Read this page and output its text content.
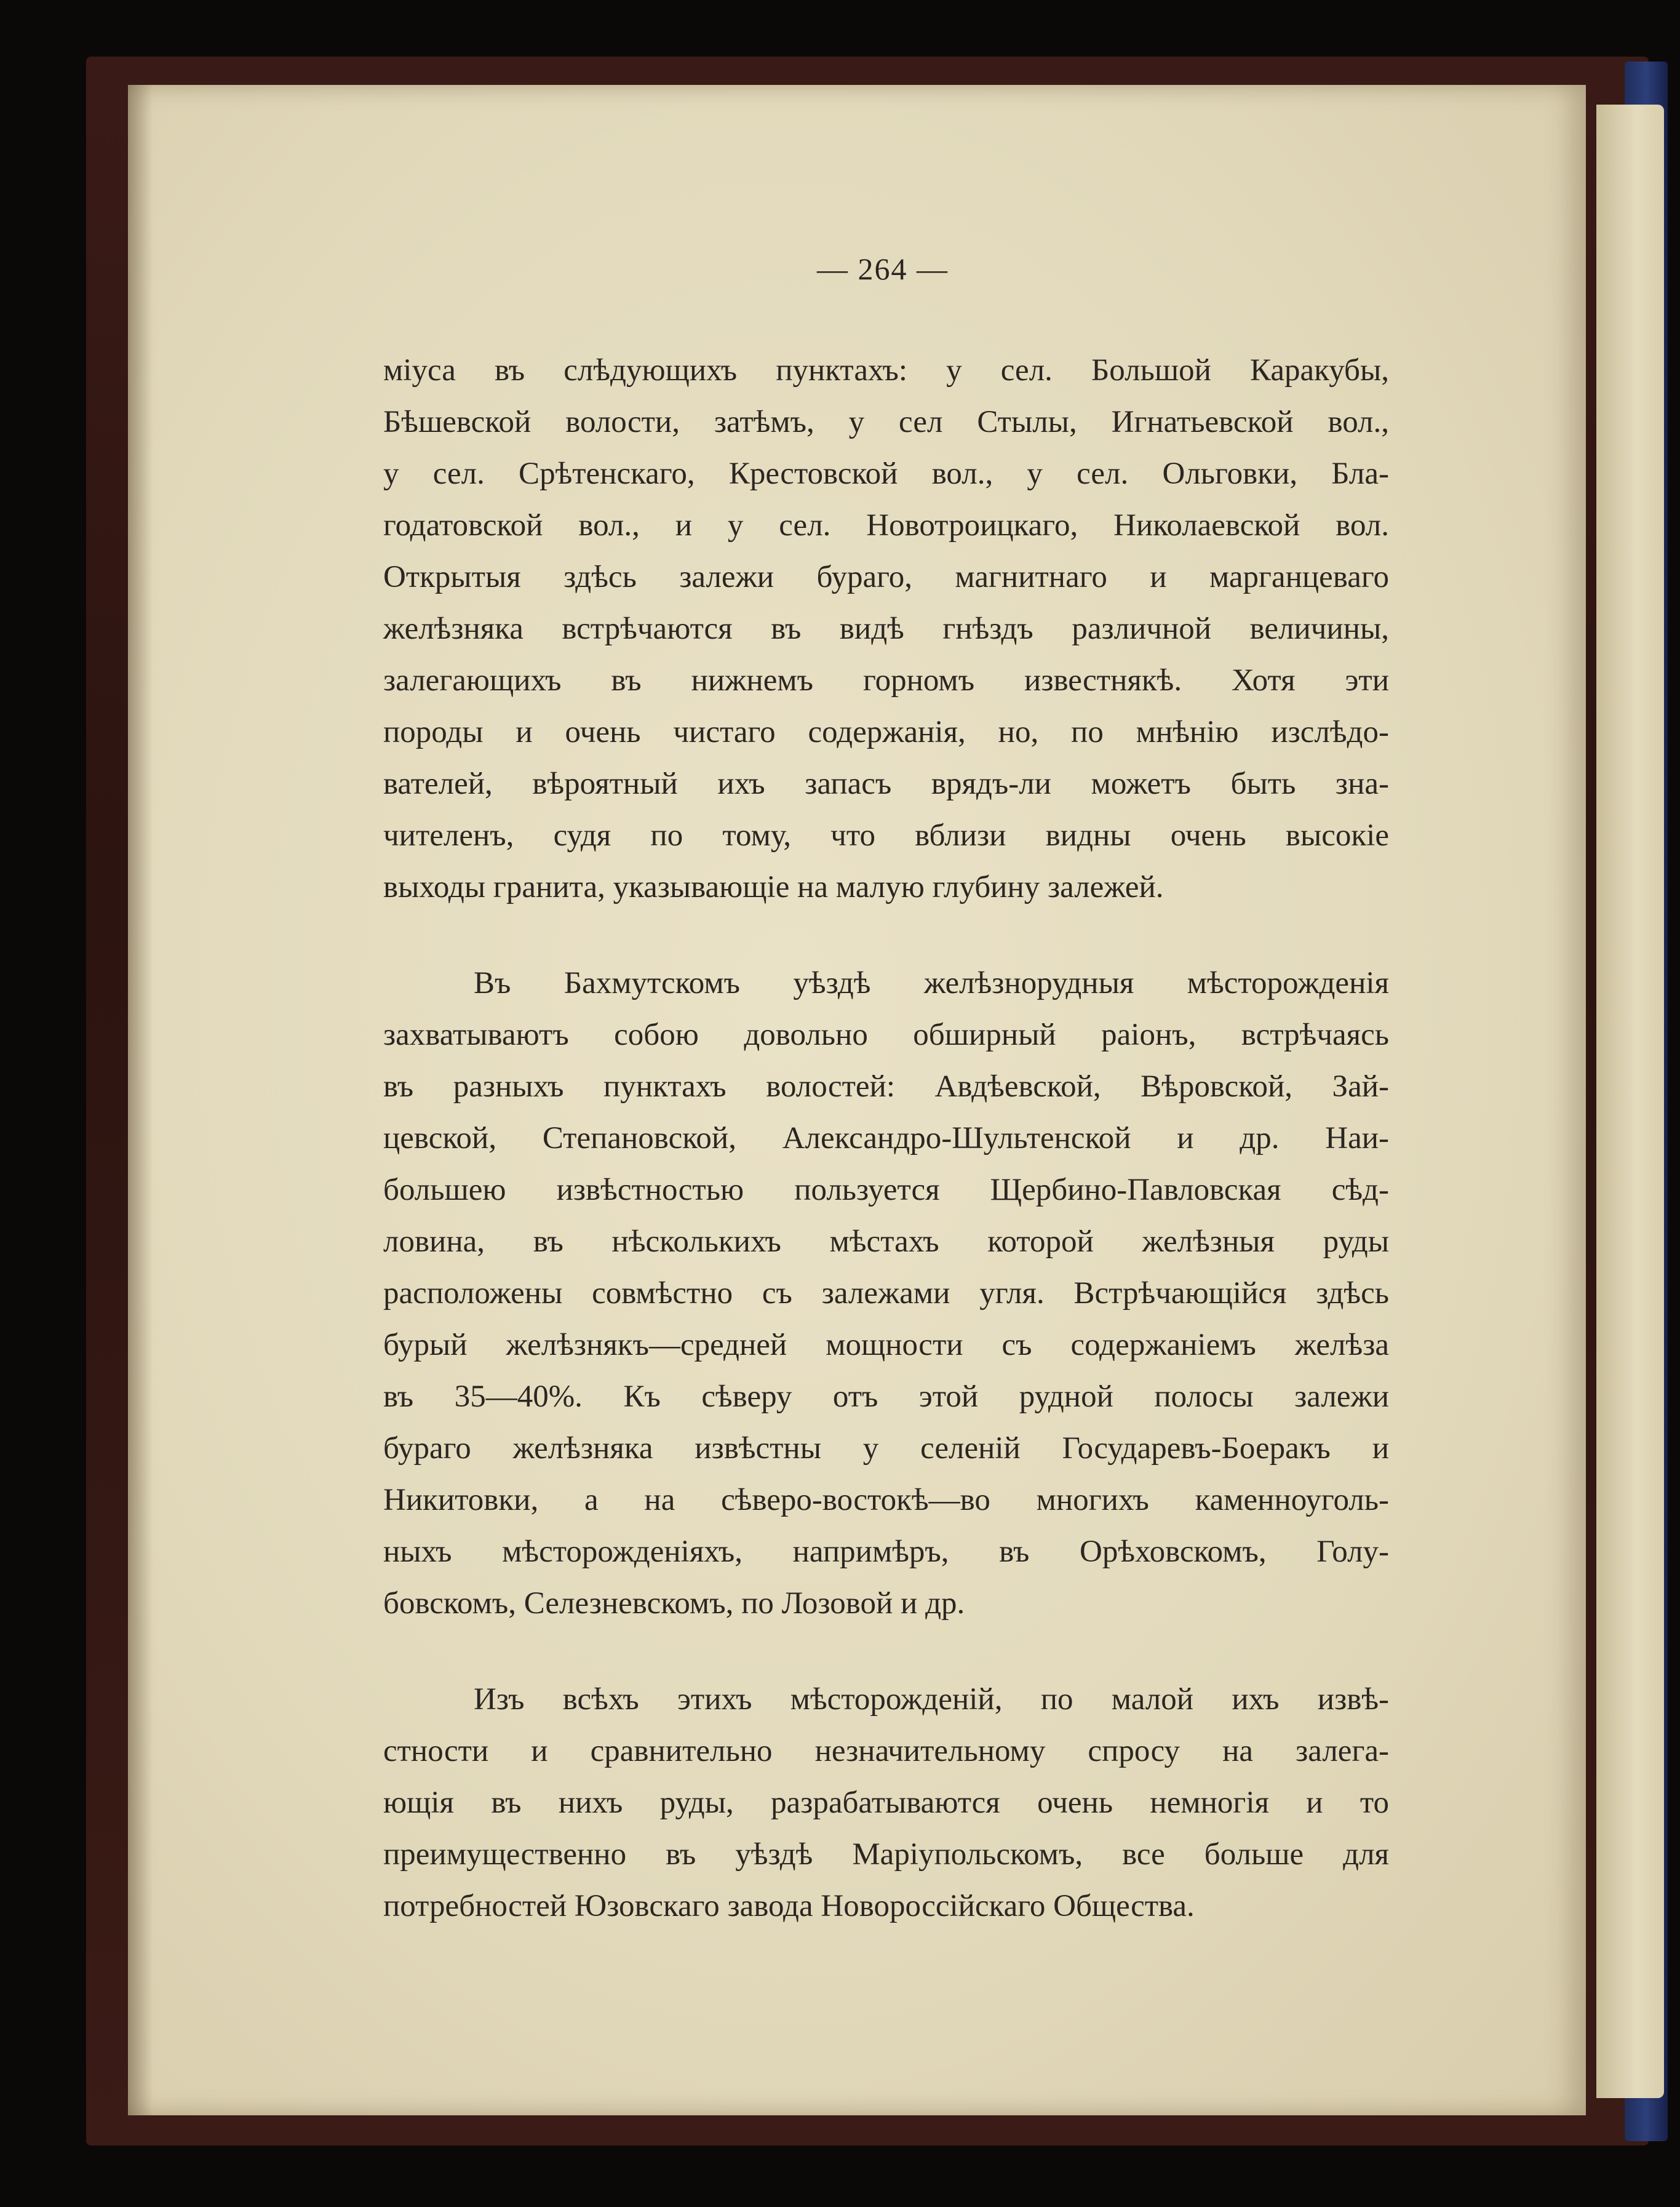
— 264 —

міуса въ слѣдующихъ пунктахъ: у сел. Большой Каракубы,
Бѣшевской волости, затѣмъ, у сел Стылы, Игнатьевской вол.,
у сел. Срѣтенскаго, Крестовской вол., у сел. Ольговки, Бла-
годатовской вол., и у сел. Новотроицкаго, Николаевской вол.
Открытыя здѣсь залежи бураго, магнитнаго и марганцеваго
желѣзняка встрѣчаются въ видѣ гнѣздъ различной величины,
залегающихъ въ нижнемъ горномъ известнякѣ. Хотя эти
породы и очень чистаго содержанія, но, по мнѣнію изслѣдо-
вателей, вѣроятный ихъ запасъ врядъ-ли можетъ быть зна-
чителенъ, судя по тому, что вблизи видны очень высокіе
выходы гранита, указывающіе на малую глубину залежей.

Въ Бахмутскомъ уѣздѣ желѣзнорудныя мѣсторожденія
захватываютъ собою довольно обширный раіонъ, встрѣчаясь
въ разныхъ пунктахъ волостей: Авдѣевской, Вѣровской, Зай-
цевской, Степановской, Александро-Шультенской и др. Наи-
большею извѣстностью пользуется Щербино-Павловская сѣд-
ловина, въ нѣсколькихъ мѣстахъ которой желѣзныя руды
расположены совмѣстно съ залежами угля. Встрѣчающійся здѣсь
бурый желѣзнякъ—средней мощности съ содержаніемъ желѣза
въ 35—40%. Къ сѣверу отъ этой рудной полосы залежи
бураго желѣзняка извѣстны у селеній Государевъ-Боеракъ и
Никитовки, а на сѣверо-востокѣ—во многихъ каменноуголь-
ныхъ мѣсторожденіяхъ, напримѣръ, въ Орѣховскомъ, Голу-
бовскомъ, Селезневскомъ, по Лозовой и др.

Изъ всѣхъ этихъ мѣсторожденій, по малой ихъ извѣ-
стности и сравнительно незначительному спросу на залега-
ющія въ нихъ руды, разрабатываются очень немногія и то
преимущественно въ уѣздѣ Маріупольскомъ, все больше для
потребностей Юзовскаго завода Новороссійскаго Общества.
